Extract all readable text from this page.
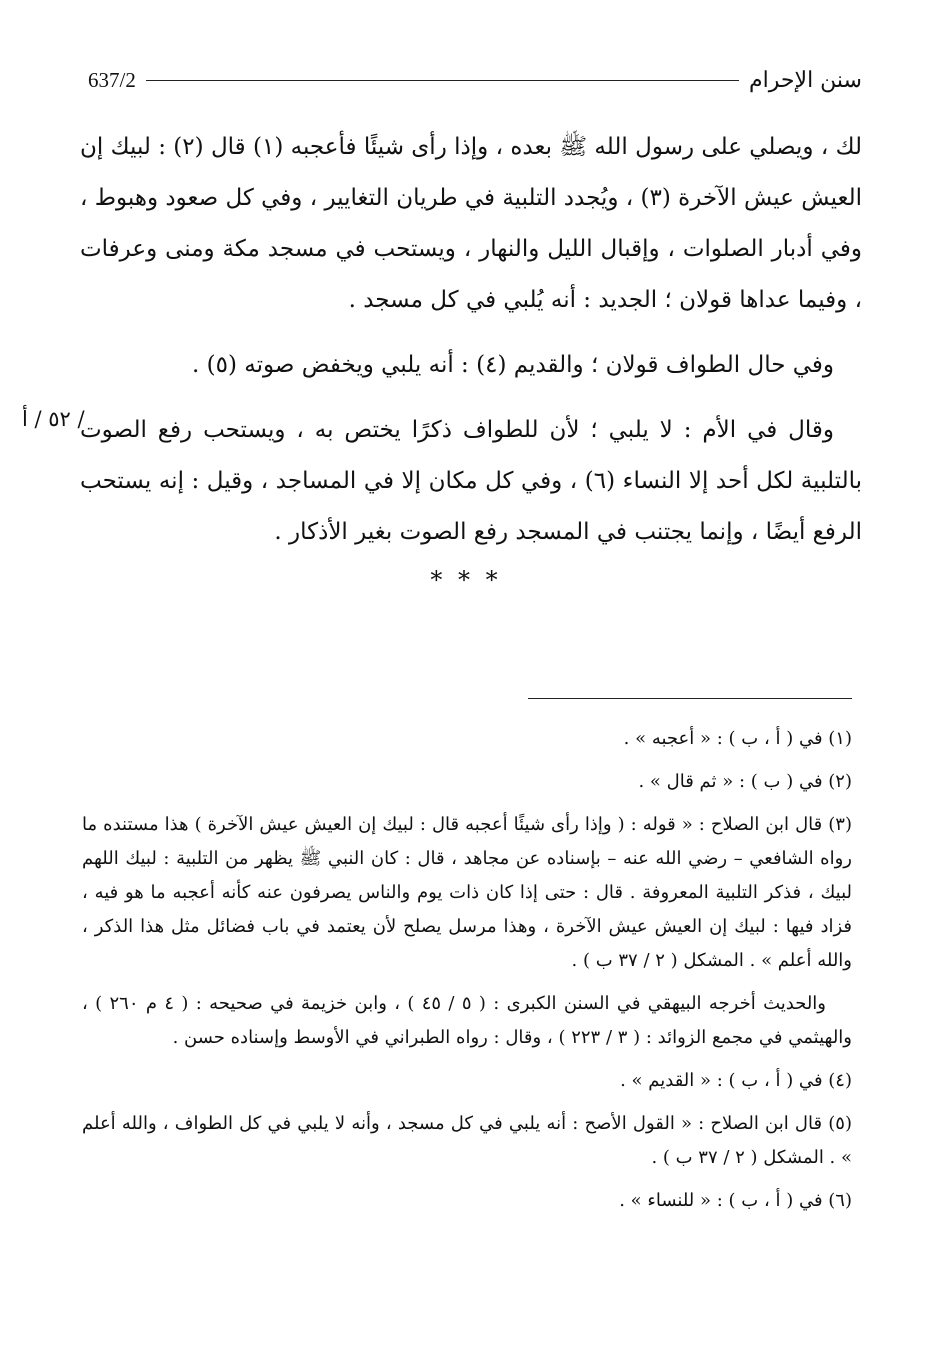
637/2	سنن الإحرام

لك ، ويصلي على رسول الله ﷺ بعده ، وإذا رأى شيئًا فأعجبه (١) قال (٢) : لبيك إن العيش عيش الآخرة (٣) ، ويُجدد التلبية في طريان التغايير ، وفي كل صعود وهبوط ، وفي أدبار الصلوات ، وإقبال الليل والنهار ، ويستحب في مسجد مكة ومنى وعرفات ، وفيما عداها قولان ؛ الجديد : أنه يُلبي في كل مسجد .

وفي حال الطواف قولان ؛ والقديم (٤) : أنه يلبي ويخفض صوته (٥) .

وقال في الأم : لا يلبي ؛ لأن للطواف ذكرًا يختص به ، ويستحب رفع الصوت بالتلبية لكل أحد إلا النساء (٦) ، وفي كل مكان إلا في المساجد ، وقيل : إنه يستحب الرفع أيضًا ، وإنما يجتنب في المسجد رفع الصوت بغير الأذكار .

/ ٥٢ / أ
* * *

(١) في ( أ ، ب ) : « أعجبه » .

(٢) في ( ب ) : « ثم قال » .

(٣) قال ابن الصلاح : « قوله : ( وإذا رأى شيئًا أعجبه قال : لبيك إن العيش عيش الآخرة ) هذا مستنده ما رواه الشافعي – رضي الله عنه – بإسناده عن مجاهد ، قال : كان النبي ﷺ يظهر من التلبية : لبيك اللهم لبيك ، فذكر التلبية المعروفة . قال : حتى إذا كان ذات يوم والناس يصرفون عنه كأنه أعجبه ما هو فيه ، فزاد فيها : لبيك إن العيش عيش الآخرة ، وهذا مرسل يصلح لأن يعتمد في باب فضائل مثل هذا الذكر ، والله أعلم » . المشكل ( ٢ / ٣٧ ب ) .

والحديث أخرجه البيهقي في السنن الكبرى : ( ٥ / ٤٥ ) ، وابن خزيمة في صحيحه : ( ٤ م ٢٦٠ ) ، والهيثمي في مجمع الزوائد : ( ٣ / ٢٢٣ ) ، وقال : رواه الطبراني في الأوسط وإسناده حسن .

(٤) في ( أ ، ب ) : « القديم » .

(٥) قال ابن الصلاح : « القول الأصح : أنه يلبي في كل مسجد ، وأنه لا يلبي في كل الطواف ، والله أعلم » . المشكل ( ٢ / ٣٧ ب ) .

(٦) في ( أ ، ب ) : « للنساء » .
